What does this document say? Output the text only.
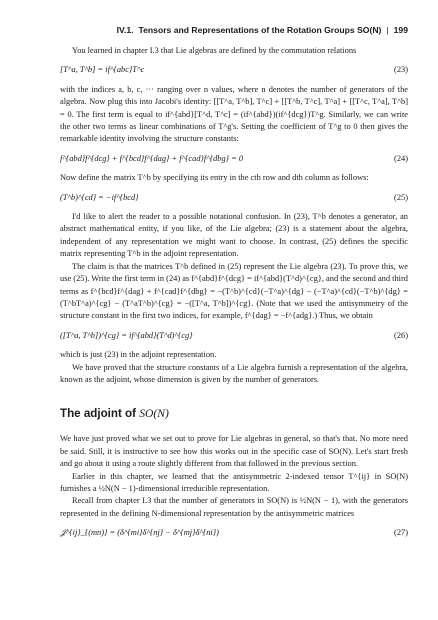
IV.1. Tensors and Representations of the Rotation Groups SO(N) | 199

You learned in chapter I.3 that Lie algebras are defined by the commutation relations

[T^a, T^b] = if^{abc}T^c	(23)

with the indices a, b, c, ··· ranging over n values, where n denotes the number of generators of the algebra. Now plug this into Jacobi's identity: [[T^a, T^b], T^c] + [[T^b, T^c], T^a] + [[T^c, T^a], T^b] = 0. The first term is equal to if^{abd}[T^d, T^c] = (if^{abd})(if^{dcg})T^g. Similarly, we can write the other two terms as linear combinations of T^g's. Setting the coefficient of T^g to 0 then gives the remarkable identity involving the structure constants:

f^{abd}f^{dcg} + f^{bcd}f^{dag} + f^{cad}f^{dbg} = 0	(24)

Now define the matrix T^b by specifying its entry in the cth row and dth column as follows:

(T^b)^{cd} = −if^{bcd}	(25)

I'd like to alert the reader to a possible notational confusion. In (23), T^b denotes a generator, an abstract mathematical entity, if you like, of the Lie algebra; (23) is a statement about the algebra, independent of any representation we might want to choose. In contrast, (25) defines the specific matrix representing T^b in the adjoint representation.

The claim is that the matrices T^b defined in (25) represent the Lie algebra (23). To prove this, we use (25). Write the first term in (24) as f^{abd}f^{dcg} = if^{abd}(T^d)^{cg}, and the second and third terms as f^{bcd}f^{dag} + f^{cad}f^{dbg} = −(T^b)^{cd}(−T^a)^{dg} − (−T^a)^{cd}(−T^b)^{dg} = (T^bT^a)^{cg} − (T^aT^b)^{cg} = −([T^a, T^b])^{cg}. (Note that we used the antisymmetry of the structure constant in the first two indices, for example, f^{dag} = −f^{adg}.) Thus, we obtain

([T^a, T^b])^{cg} = if^{abd}(T^d)^{cg}	(26)

which is just (23) in the adjoint representation.

We have proved that the structure constants of a Lie algebra furnish a representation of the algebra, known as the adjoint, whose dimension is given by the number of generators.

The adjoint of SO(N)

We have just proved what we set out to prove for Lie algebras in general, so that's that. No more need be said. Still, it is instructive to see how this works out in the specific case of SO(N). Let's start fresh and go about it using a route slightly different from that followed in the previous section.

Earlier in this chapter, we learned that the antisymmetric 2-indexed tensor T^{ij} in SO(N) furnishes a ½N(N − 1)-dimensional irreducible representation.

Recall from chapter I.3 that the number of generators in SO(N) is ½N(N − 1), with the generators represented in the defining N-dimensional representation by the antisymmetric matrices

𝒥^{ij}_{(mn)} = (δ^{mi}δ^{nj} − δ^{mj}δ^{ni})	(27)
